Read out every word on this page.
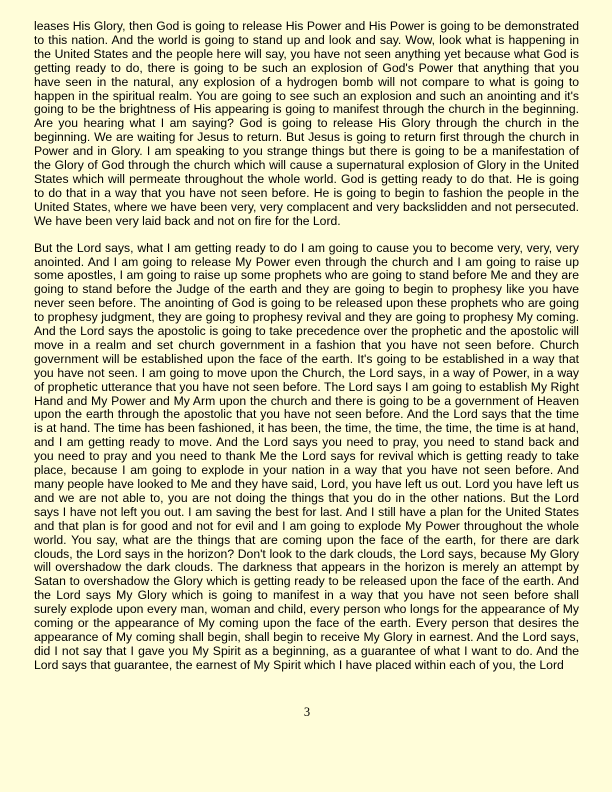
leases His Glory, then God is going to release His Power and His Power is going to be demonstrated to this nation. And the world is going to stand up and look and say. Wow, look what is happening in the United States and the people here will say, you have not seen anything yet because what God is getting ready to do, there is going to be such an explosion of God's Power that anything that you have seen in the natural, any explosion of a hydrogen bomb will not compare to what is going to happen in the spiritual realm. You are going to see such an explosion and such an anointing and it's going to be the brightness of His appearing is going to manifest through the church in the beginning. Are you hearing what I am saying? God is going to release His Glory through the church in the beginning. We are waiting for Jesus to return. But Jesus is going to return first through the church in Power and in Glory. I am speaking to you strange things but there is going to be a manifestation of the Glory of God through the church which will cause a supernatural explosion of Glory in the United States which will permeate throughout the whole world. God is getting ready to do that. He is going to do that in a way that you have not seen before. He is going to begin to fashion the people in the United States, where we have been very, very complacent and very backslidden and not persecuted. We have been very laid back and not on fire for the Lord.

But the Lord says, what I am getting ready to do I am going to cause you to become very, very, very anointed. And I am going to release My Power even through the church and I am going to raise up some apostles, I am going to raise up some prophets who are going to stand before Me and they are going to stand before the Judge of the earth and they are going to begin to prophesy like you have never seen before. The anointing of God is going to be released upon these prophets who are going to prophesy judgment, they are going to prophesy revival and they are going to prophesy My coming. And the Lord says the apostolic is going to take precedence over the prophetic and the apostolic will move in a realm and set church government in a fashion that you have not seen before. Church government will be established upon the face of the earth. It's going to be established in a way that you have not seen. I am going to move upon the Church, the Lord says, in a way of Power, in a way of prophetic utterance that you have not seen before. The Lord says I am going to establish My Right Hand and My Power and My Arm upon the church and there is going to be a government of Heaven upon the earth through the apostolic that you have not seen before. And the Lord says that the time is at hand. The time has been fashioned, it has been, the time, the time, the time, the time is at hand, and I am getting ready to move. And the Lord says you need to pray, you need to stand back and you need to pray and you need to thank Me the Lord says for revival which is getting ready to take place, because I am going to explode in your nation in a way that you have not seen before. And many people have looked to Me and they have said, Lord, you have left us out. Lord you have left us and we are not able to, you are not doing the things that you do in the other nations. But the Lord says I have not left you out. I am saving the best for last. And I still have a plan for the United States and that plan is for good and not for evil and I am going to explode My Power throughout the whole world. You say, what are the things that are coming upon the face of the earth, for there are dark clouds, the Lord says in the horizon? Don't look to the dark clouds, the Lord says, because My Glory will overshadow the dark clouds. The darkness that appears in the horizon is merely an attempt by Satan to overshadow the Glory which is getting ready to be released upon the face of the earth. And the Lord says My Glory which is going to manifest in a way that you have not seen before shall surely explode upon every man, woman and child, every person who longs for the appearance of My coming or the appearance of My coming upon the face of the earth. Every person that desires the appearance of My coming shall begin, shall begin to receive My Glory in earnest. And the Lord says, did I not say that I gave you My Spirit as a beginning, as a guarantee of what I want to do. And the Lord says that guarantee, the earnest of My Spirit which I have placed within each of you, the Lord

3
